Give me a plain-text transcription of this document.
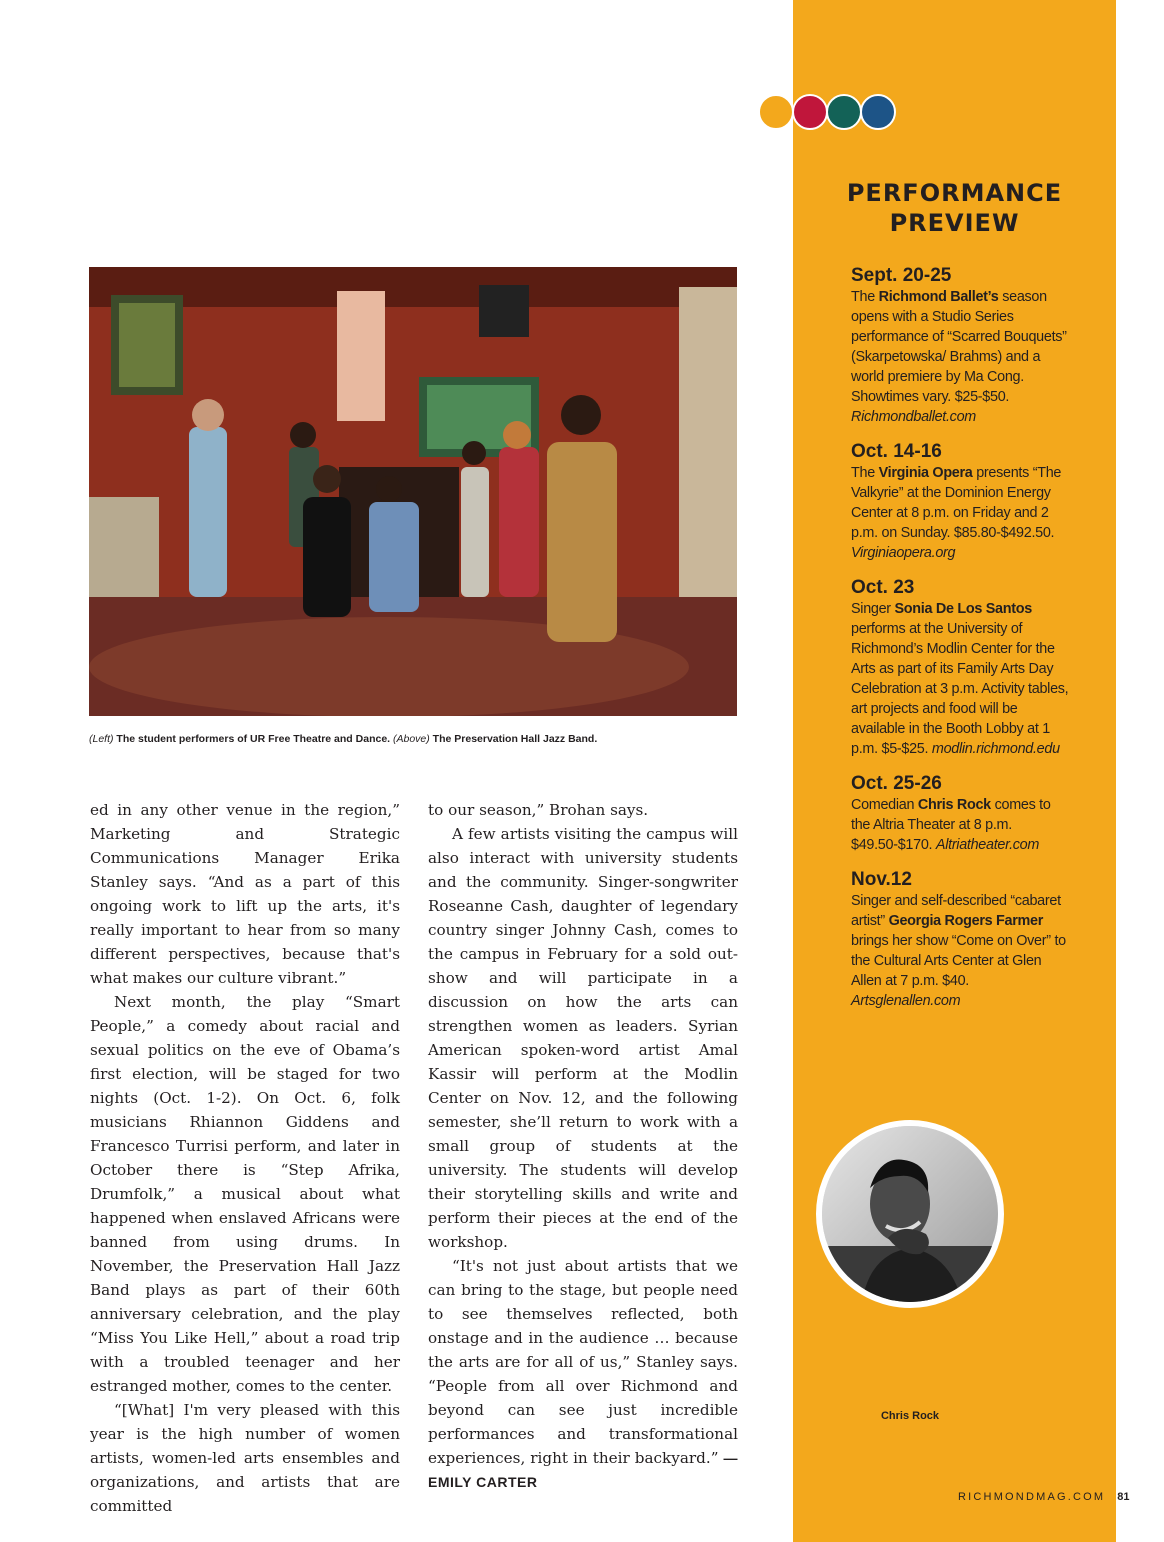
PERFORMANCE
PREVIEW
Sept. 20-25
The Richmond Ballet’s season opens with a Studio Series performance of “Scarred Bouquets” (Skarpetowska/ Brahms) and a world premiere by Ma Cong. Showtimes vary. $25-$50. Richmondballet.com
Oct. 14-16
The Virginia Opera presents “The Valkyrie” at the Dominion Energy Center at 8 p.m. on Friday and 2 p.m. on Sunday. $85.80-$492.50. Virginiaopera.org
Oct. 23
Singer Sonia De Los Santos performs at the University of Richmond’s Modlin Center for the Arts as part of its Family Arts Day Celebration at 3 p.m. Activity tables, art projects and food will be available in the Booth Lobby at 1 p.m. $5-$25. modlin.richmond.edu
Oct. 25-26
Comedian Chris Rock comes to the Altria Theater at 8 p.m. $49.50-$170. Altriatheater.com
Nov.12
Singer and self-described “cabaret artist” Georgia Rogers Farmer brings her show “Come on Over” to the Cultural Arts Center at Glen Allen at 7 p.m. $40. Artsglenallen.com
Chris Rock
RICHMONDMAG.COM 81
(Left) The student performers of UR Free Theatre and Dance. (Above) The Preservation Hall Jazz Band.

ed in any other venue in the region,” Marketing and Strategic Communications Manager Erika Stanley says. “And as a part of this ongoing work to lift up the arts, it's really important to hear from so many different perspectives, because that's what makes our culture vibrant.”

Next month, the play “Smart People,” a comedy about racial and sexual politics on the eve of Obama’s first election, will be staged for two nights (Oct. 1-2). On Oct. 6, folk musicians Rhiannon Giddens and Francesco Turrisi perform, and later in October there is “Step Afrika, Drumfolk,” a musical about what happened when enslaved Africans were banned from using drums. In November, the Preservation Hall Jazz Band plays as part of their 60th anniversary celebration, and the play “Miss You Like Hell,” about a road trip with a troubled teenager and her estranged mother, comes to the center.

“[What] I'm very pleased with this year is the high number of women artists, women-led arts ensembles and organizations, and artists that are committed

to our season,” Brohan says.

A few artists visiting the campus will also interact with university students and the community. Singer-songwriter Roseanne Cash, daughter of legendary country singer Johnny Cash, comes to the campus in February for a sold out-show and will participate in a discussion on how the arts can strengthen women as leaders. Syrian American spoken-word artist Amal Kassir will perform at the Modlin Center on Nov. 12, and the following semester, she’ll return to work with a small group of students at the university. The students will develop their storytelling skills and write and perform their pieces at the end of the workshop.

“It's not just about artists that we can bring to the stage, but people need to see themselves reflected, both onstage and in the audience … because the arts are for all of us,” Stanley says. “People from all over Richmond and beyond can see just incredible performances and transformational experiences, right in their backyard.” —EMILY CARTER
